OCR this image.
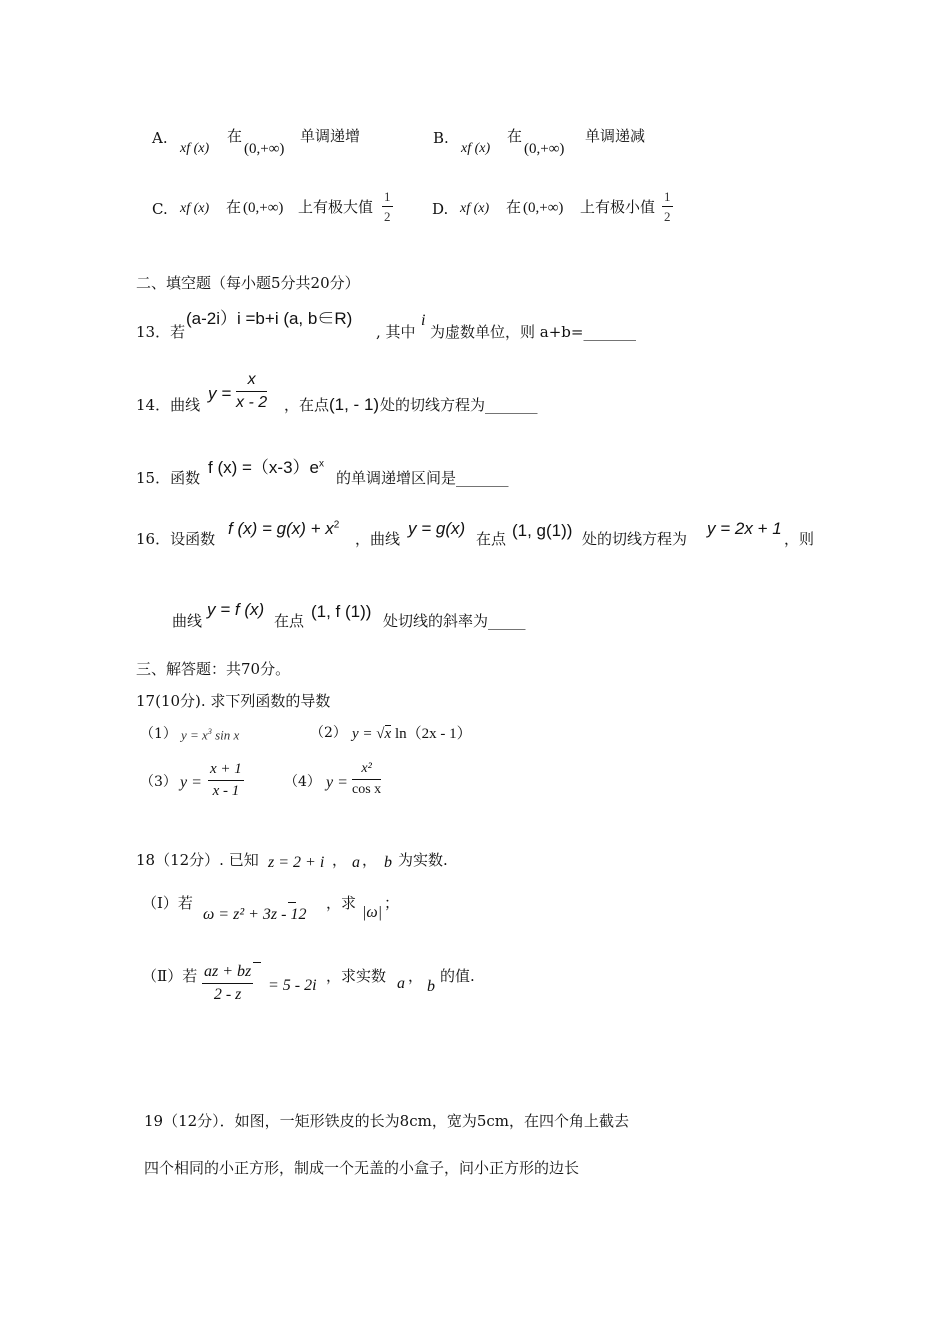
A.
xf (x)
在
(0,+∞)
单调递增	B.
xf (x)
在
(0,+∞)
单调递减
C. xf (x) 在 (0,+∞) 上有极大值 $\frac{1}{2}$	D. xf (x) 在 (0,+∞) 上有极小值 $\frac{1}{2}$
二、填空题（每小题5分共20分）
13．若
(a-2i）i =b+i (a, b∈R)
, 其中
i
为虚数单位，则 a+b=_______
14．曲线
$y = \frac{x}{x - 2}$ ，在点 (1, - 1) 处的切线方程为_______
15．函数
f $(x) =(x-3)e^x$
的单调递增区间是_______
16．设函数
f $(x) = g(x) + x^2$
，曲线
y = g(x)
在点 (1, g(1)) 处的切线方程为
y = 2x + 1
，则
曲线
y = f (x)
在点 (1, f (1)) 处切线的斜率为_____
三、解答题：共70分。
17(10分). 求下列函数的导数
（1） $y = x^3$ sin x	（2） y = √x ln（2x - 1）
（3） $y = \frac{x + 1}{x - 1}$	（4） $y = \frac{\text{x²}}{\text{cos x}}$
18（12分）. 已知 z = 2 + i ， a ， b 为实数.
（Ⅰ）若
ω = z² + 3z - 12
，求
|ω|
；
（Ⅱ）若 $\frac{az + bz}{2 - z} = 5 - 2i$
，求实数 a ，
b
的值.
19（12分）．如图，一矩形铁皮的长为8cm，宽为5cm，在四个角上截去
四个相同的小正方形，制成一个无盖的小盒子，问小正方形的边长
